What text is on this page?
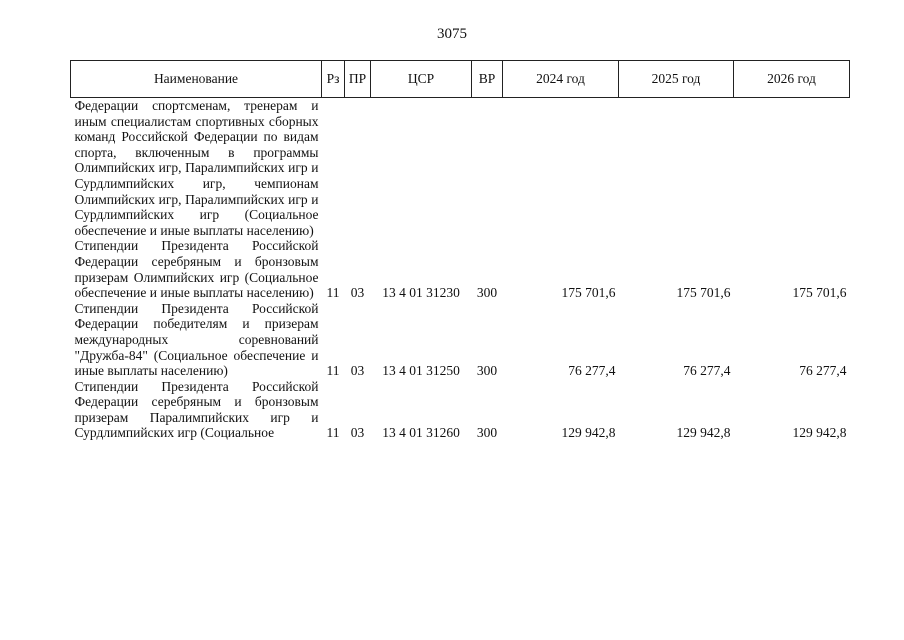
3075
Наименование	Рз	ПР	ЦСР	ВР	2024 год	2025 год	2026 год
Федерации спортсменам, тренерам и иным специалистам спортивных сборных команд Российской Федерации по видам спорта, включенным в программы Олимпийских игр, Паралимпийских игр и Сурдлимпийских игр, чемпионам Олимпийских игр, Паралимпийских игр и Сурдлимпийских игр (Социальное обеспечение и иные выплаты населению)							
Стипендии Президента Российской Федерации серебряным и бронзовым призерам Олимпийских игр (Социальное обеспечение и иные выплаты населению)	11	03	13 4 01 31230	300	175 701,6	175 701,6	175 701,6
Стипендии Президента Российской Федерации победителям и призерам международных соревнований "Дружба-84" (Социальное обеспечение и иные выплаты населению)	11	03	13 4 01 31250	300	76 277,4	76 277,4	76 277,4
Стипендии Президента Российской Федерации серебряным и бронзовым призерам Паралимпийских игр и Сурдлимпийских игр (Социальное	11	03	13 4 01 31260	300	129 942,8	129 942,8	129 942,8
